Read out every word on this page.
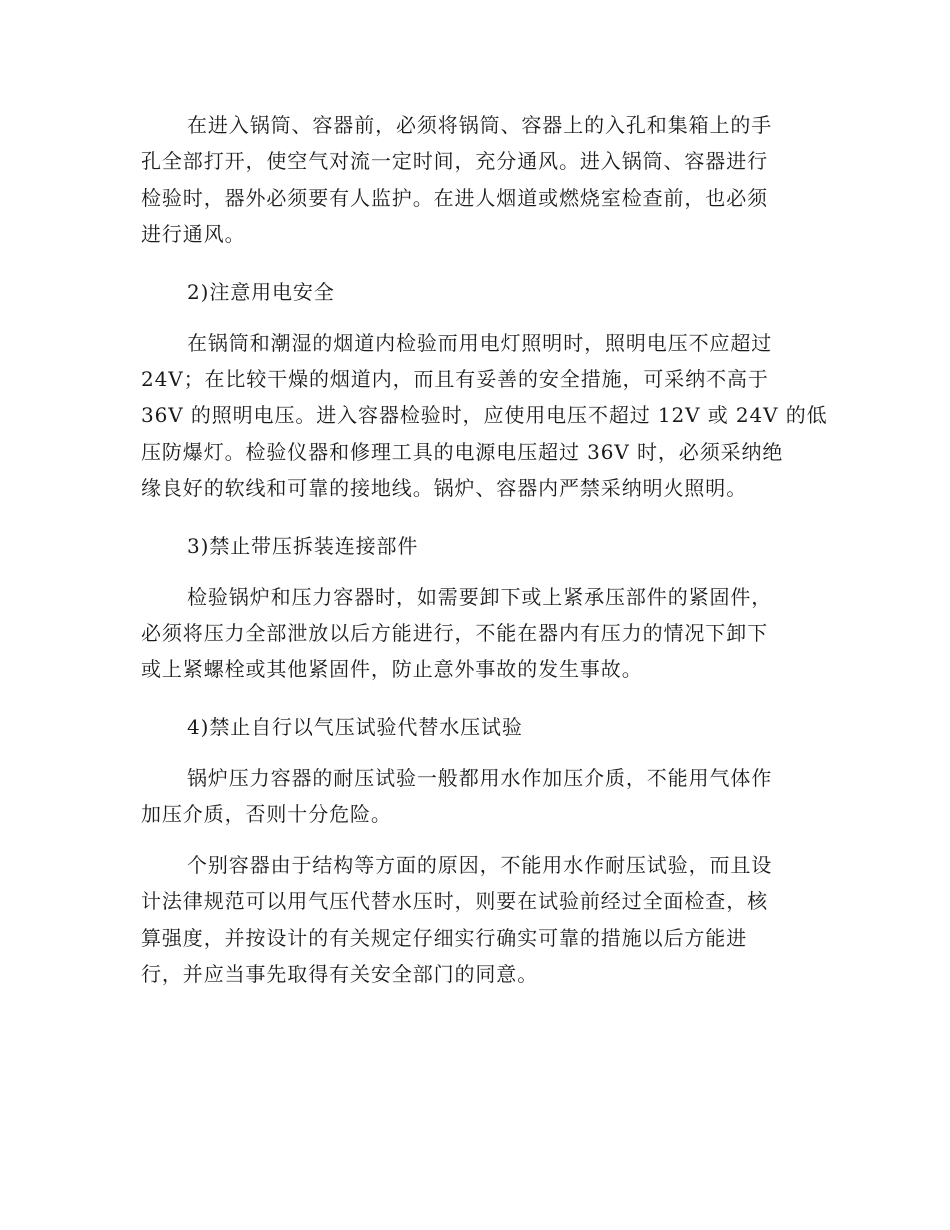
在进入锅筒、容器前，必须将锅筒、容器上的入孔和集箱上的手

孔全部打开，使空气对流一定时间，充分通风。进入锅筒、容器进行

检验时，器外必须要有人监护。在进人烟道或燃烧室检查前，也必须

进行通风。

2)注意用电安全

在锅筒和潮湿的烟道内检验而用电灯照明时，照明电压不应超过

24V；在比较干燥的烟道内，而且有妥善的安全措施，可采纳不高于

36V 的照明电压。进入容器检验时，应使用电压不超过 12V 或 24V 的低

压防爆灯。检验仪器和修理工具的电源电压超过 36V 时，必须采纳绝

缘良好的软线和可靠的接地线。锅炉、容器内严禁采纳明火照明。

3)禁止带压拆装连接部件

检验锅炉和压力容器时，如需要卸下或上紧承压部件的紧固件，

必须将压力全部泄放以后方能进行，不能在器内有压力的情况下卸下

或上紧螺栓或其他紧固件，防止意外事故的发生事故。

4)禁止自行以气压试验代替水压试验

锅炉压力容器的耐压试验一般都用水作加压介质，不能用气体作

加压介质，否则十分危险。

个别容器由于结构等方面的原因，不能用水作耐压试验，而且设

计法律规范可以用气压代替水压时，则要在试验前经过全面检查，核

算强度，并按设计的有关规定仔细实行确实可靠的措施以后方能进

行，并应当事先取得有关安全部门的同意。
